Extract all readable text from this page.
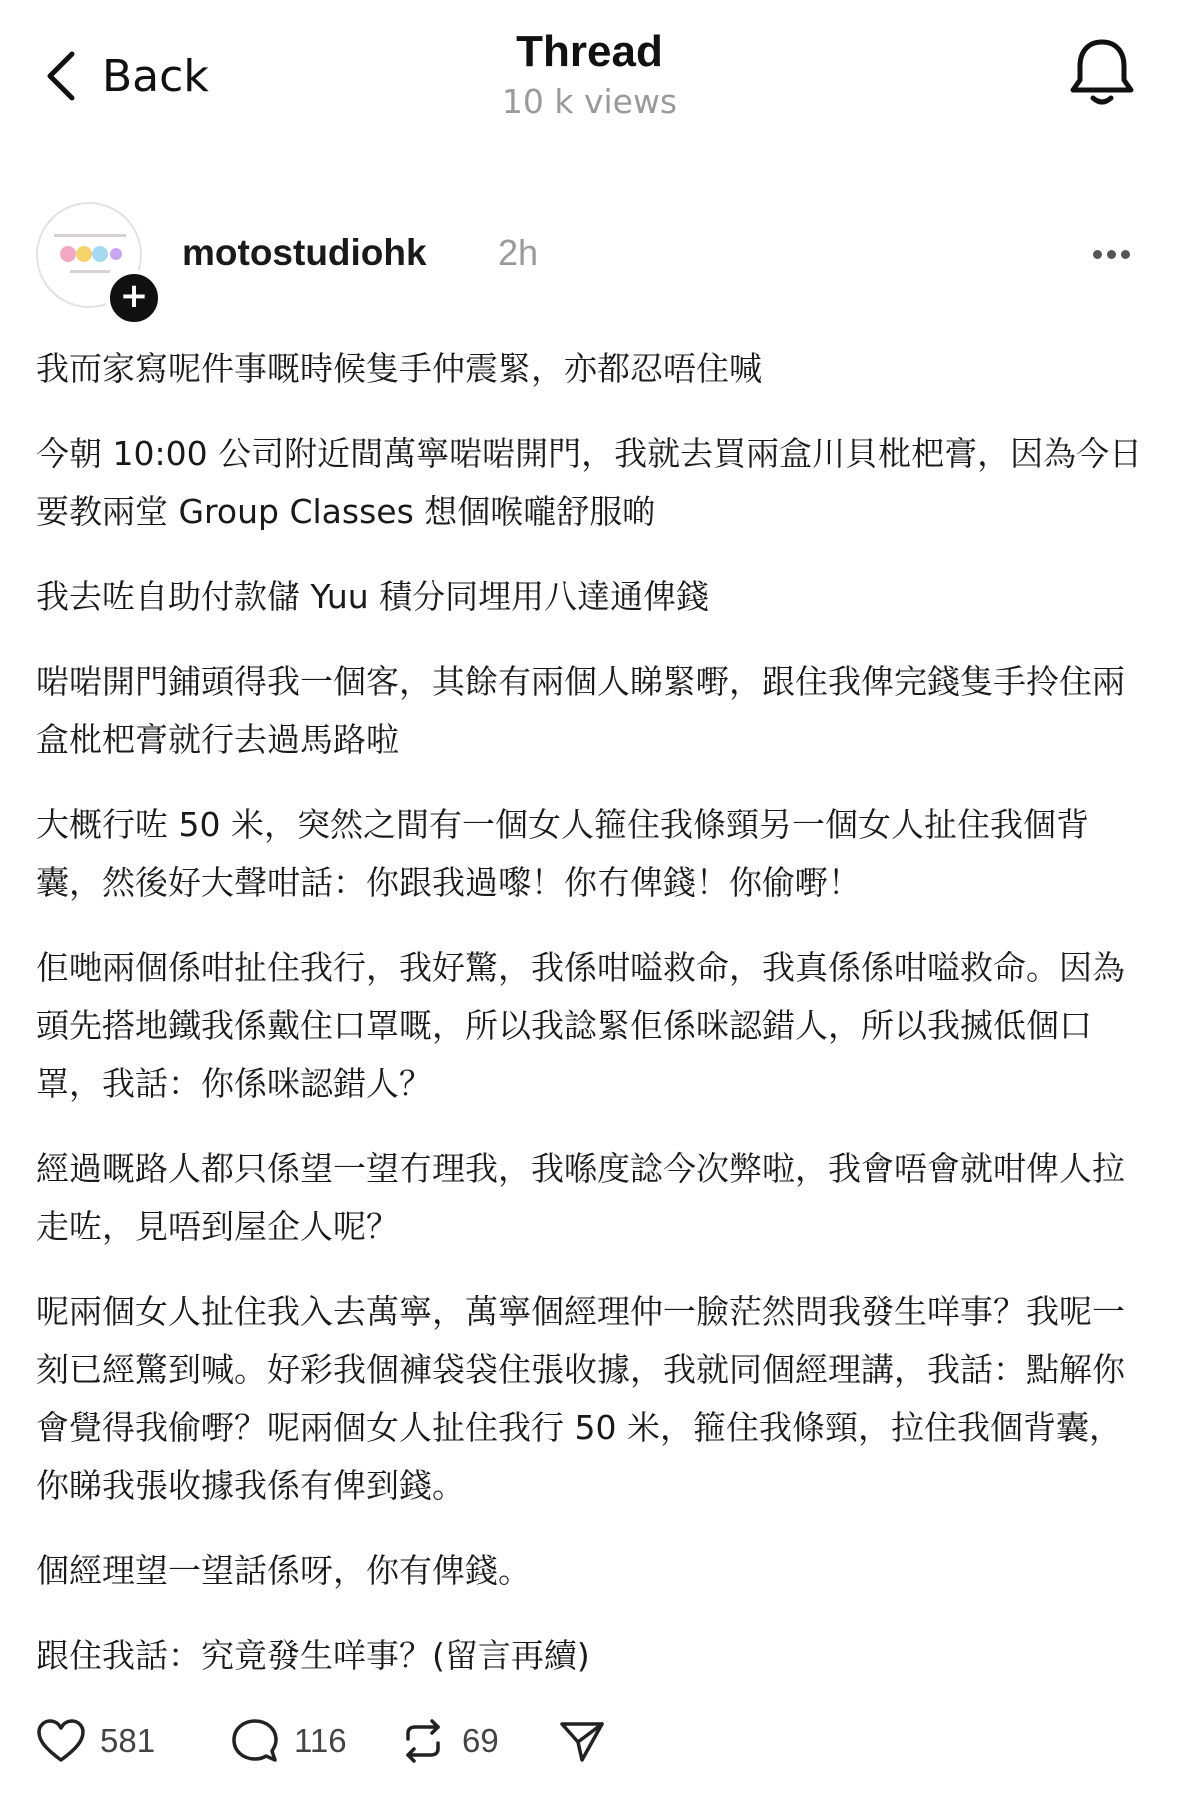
Back	Thread
10 k views
+
motostudiohk 2h

我而家寫呢件事嘅時候隻手仲震緊，亦都忍唔住喊

今朝 10:00 公司附近間萬寧啱啱開門，我就去買兩盒川貝枇杷膏，因為今日要教兩堂 Group Classes 想個喉嚨舒服啲

我去咗自助付款儲 Yuu 積分同埋用八達通俾錢

啱啱開門鋪頭得我一個客，其餘有兩個人睇緊嘢，跟住我俾完錢隻手拎住兩盒枇杷膏就行去過馬路啦

大概行咗 50 米，突然之間有一個女人箍住我條頸另一個女人扯住我個背囊，然後好大聲咁話：你跟我過嚟！你冇俾錢！你偷嘢！

佢哋兩個係咁扯住我行，我好驚，我係咁嗌救命，我真係係咁嗌救命。因為頭先搭地鐵我係戴住口罩嘅，所以我諗緊佢係咪認錯人，所以我搣低個口罩，我話：你係咪認錯人？

經過嘅路人都只係望一望冇理我，我喺度諗今次弊啦，我會唔會就咁俾人拉走咗，見唔到屋企人呢？

呢兩個女人扯住我入去萬寧，萬寧個經理仲一臉茫然問我發生咩事？我呢一刻已經驚到喊。好彩我個褲袋袋住張收據，我就同個經理講，我話：點解你會覺得我偷嘢？呢兩個女人扯住我行 50 米，箍住我條頸，拉住我個背囊，你睇我張收據我係有俾到錢。

個經理望一望話係呀，你有俾錢。

跟住我話：究竟發生咩事？(留言再續)

581	116	69
